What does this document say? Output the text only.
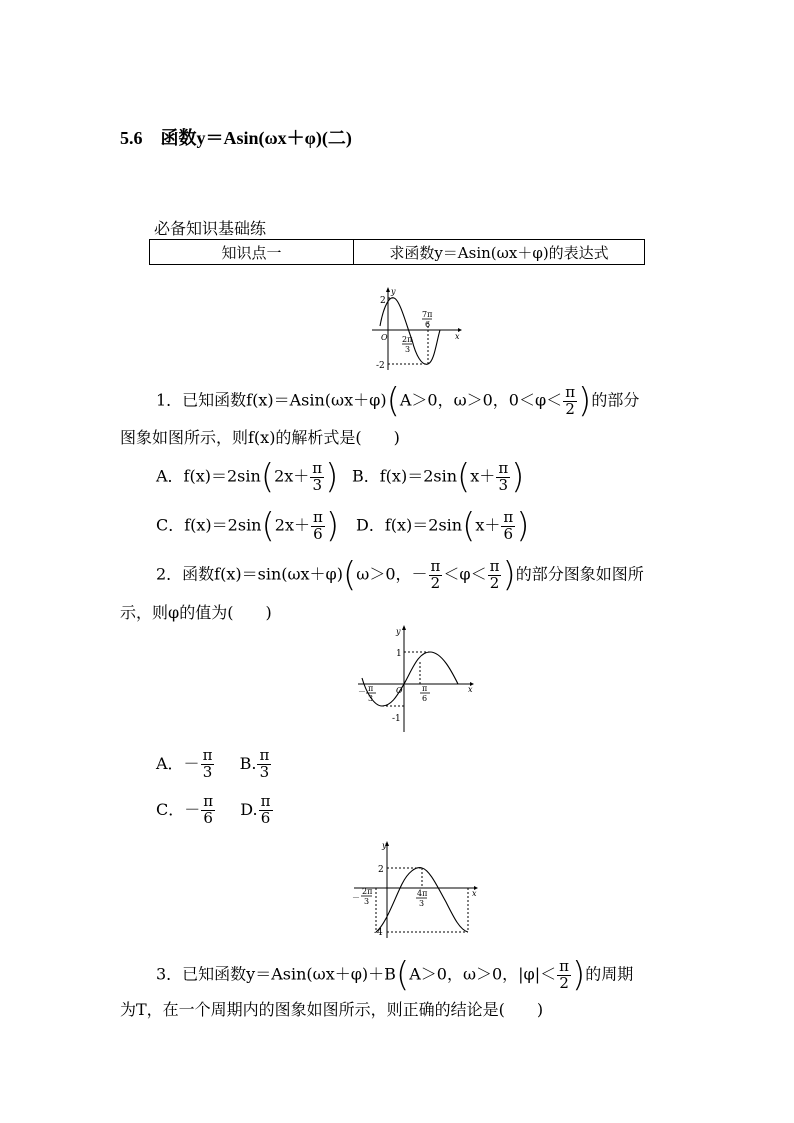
5.6 函数y＝Asin(ωx＋φ)(二)
必备知识基础练
知识点一	求函数y＝Asin(ωx＋φ)的表达式
2
-2
O
y
x
2π
3
7π
6
1．已知函数f(x)＝Asin(ωx＋φ)(A＞0，ω＞0，$0<\varphi< \frac{\pi}{2}$ )的部分
图象如图所示，则f(x)的解析式是(　　)
A．$f(x)=2\sin(2x+ \frac{\pi}{3}$ ) B．$f(x)=2\sin(x+ \frac{\pi}{3}$ )
C．$f(x)=2\sin(2x+ \frac{\pi}{6}$ ) D．$f(x)=2\sin(x+ \frac{\pi}{6}$ )
2．函数f(x)＝sin(ωx＋φ)(ω＞0，－ $\frac{\pi}{2} <\varphi< \frac{\pi}{2}$ )的部分图象如图所
示，则φ的值为(　　)
1
-1
O
y
x
－ π
3
π
6
A．－ $\frac{\pi}{3} B$. $\frac{\pi}{3}$
C．－ $\frac{\pi}{6} D$. $\frac{\pi}{6}$
2
-4
y
x
－
2π
3
4π
3
3．已知函数y＝Asin(ωx＋φ)＋B(A＞0，ω＞0，$|\varphi|< \frac{\pi}{2}$ )的周期
为T，在一个周期内的图象如图所示，则正确的结论是(　　)
